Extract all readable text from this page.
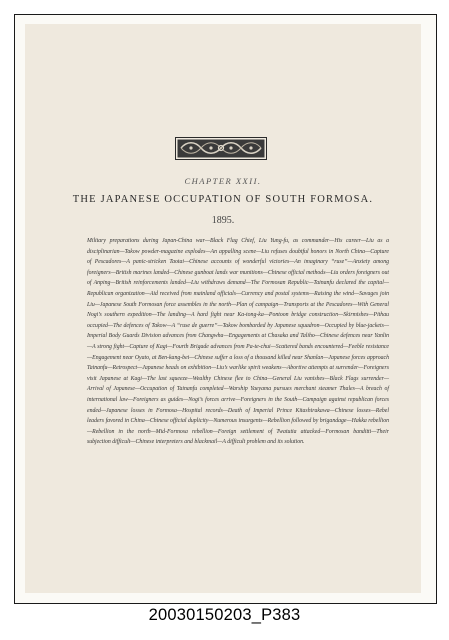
CHAPTER XXII.
THE JAPANESE OCCUPATION OF SOUTH FORMOSA.
1895.

Military preparations during Japan-China war—Black Flag Chief, Liu Yung-fu, as commander—His career—Liu as a disciplinarian—Takow powder-magazine explodes—An appalling scene—Liu refuses doubtful honors in North China—Capture of Pescadores—A panic-stricken Taotai—Chinese accounts of wonderful victories—An imaginary “ruse”—Anxiety among foreigners—British marines landed—Chinese gunboat lands war munitions—Chinese official methods—Liu orders foreigners out of Anping—British reinforcements landed—Liu withdraws demand—The Formosan Republic—Tainanfu declared the capital—Republican organization—Aid received from mainland officials—Currency and postal systems—Raising the wind—Savages join Liu—Japanese South Formosan force assembles in the north—Plan of campaign—Transports at the Pescadores—With General Nogi’s southern expedition—The landing—A hard fight near Ka-tong-ka—Pontoon bridge construction—Skirmishes—Pithau occupied—The defences of Takow—A “ruse de guerre”—Takow bombarded by Japanese squadron—Occupied by blue-jackets—Imperial Body Guards Division advances from Changwha—Engagements at Chasaka and Taliho—Chinese defences near Yanlin—A strong fight—Capture of Kagi—Fourth Brigade advances from Pa-te-chui—Scattered bands encountered—Feeble resistance—Engagement near Oyato, at Ben-kang-bei—Chinese suffer a loss of a thousand killed near Shanlan—Japanese forces approach Tainanfu—Retrospect—Japanese heads on exhibition—Liu’s warlike spirit weakens—Abortive attempts at surrender—Foreigners visit Japanese at Kagi—The last squeeze—Wealthy Chinese flee to China—General Liu vanishes—Black Flags surrender—Arrival of Japanese—Occupation of Tainanfu completed—Warship Yaeyama pursues merchant steamer Thales—A breach of international law—Foreigners as guides—Nogi’s forces arrive—Foreigners in the South—Campaign against republican forces ended—Japanese losses in Formosa—Hospital records—Death of Imperial Prince Kitashirakawa—Chinese losses—Rebel leaders favored in China—Chinese official duplicity—Numerous insurgents—Rebellion followed by brigandage—Hakka rebellion—Rebellion in the north—Mid-Formosa rebellion—Foreign settlement of Twatutia attacked—Formosan banditti—Their subjection difficult—Chinese interpreters and blackmail—A difficult problem and its solution.

20030150203_P383
